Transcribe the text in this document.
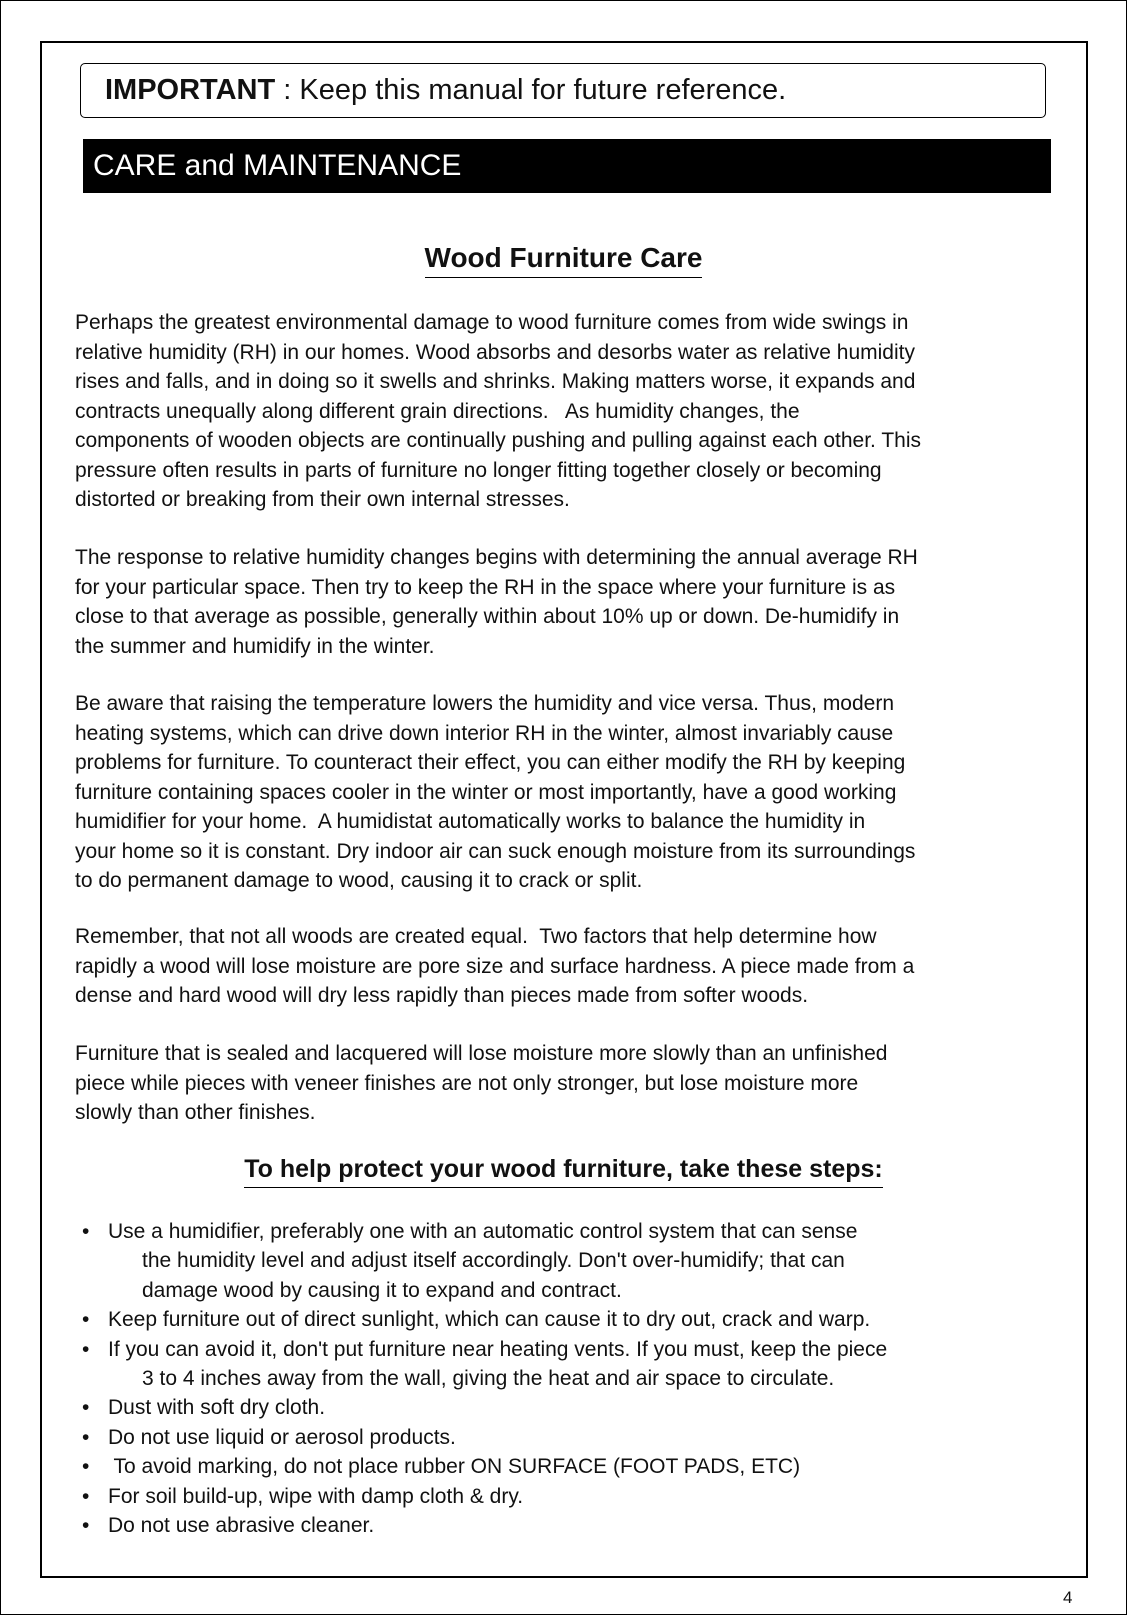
IMPORTANT : Keep this manual for future reference.
CARE and MAINTENANCE
Wood Furniture Care
Perhaps the greatest environmental damage to wood furniture comes from wide swings in
relative humidity (RH) in our homes. Wood absorbs and desorbs water as relative humidity
rises and falls, and in doing so it swells and shrinks. Making matters worse, it expands and
contracts unequally along different grain directions.   As humidity changes, the
components of wooden objects are continually pushing and pulling against each other. This
pressure often results in parts of furniture no longer fitting together closely or becoming
distorted or breaking from their own internal stresses.
The response to relative humidity changes begins with determining the annual average RH
for your particular space. Then try to keep the RH in the space where your furniture is as
close to that average as possible, generally within about 10% up or down. De-humidify in
the summer and humidify in the winter.
Be aware that raising the temperature lowers the humidity and vice versa. Thus, modern
heating systems, which can drive down interior RH in the winter, almost invariably cause
problems for furniture. To counteract their effect, you can either modify the RH by keeping
furniture containing spaces cooler in the winter or most importantly, have a good working
humidifier for your home.  A humidistat automatically works to balance the humidity in
your home so it is constant. Dry indoor air can suck enough moisture from its surroundings
to do permanent damage to wood, causing it to crack or split.
Remember, that not all woods are created equal.  Two factors that help determine how
rapidly a wood will lose moisture are pore size and surface hardness. A piece made from a
dense and hard wood will dry less rapidly than pieces made from softer woods.
Furniture that is sealed and lacquered will lose moisture more slowly than an unfinished
piece while pieces with veneer finishes are not only stronger, but lose moisture more
slowly than other finishes.
To help protect your wood furniture, take these steps:
• Use a humidifier, preferably one with an automatic control system that can sense
the humidity level and adjust itself accordingly. Don't over-humidify; that can
damage wood by causing it to expand and contract.
• Keep furniture out of direct sunlight, which can cause it to dry out, crack and warp.
• If you can avoid it, don't put furniture near heating vents. If you must, keep the piece
3 to 4 inches away from the wall, giving the heat and air space to circulate.
• Dust with soft dry cloth.
• Do not use liquid or aerosol products.
• To avoid marking, do not place rubber ON SURFACE (FOOT PADS, ETC)
• For soil build-up, wipe with damp cloth & dry.
• Do not use abrasive cleaner.
4
